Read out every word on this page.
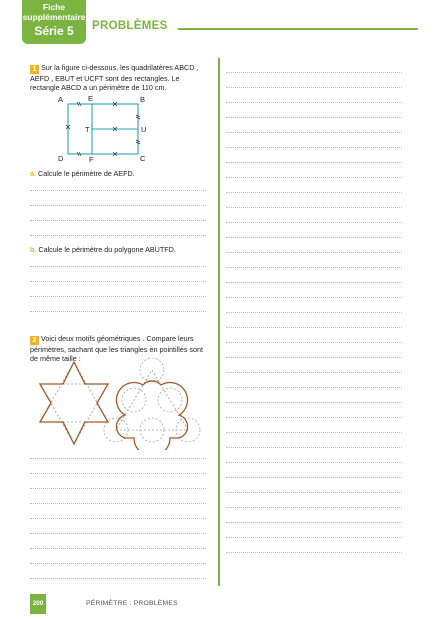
Fiche
supplémentaire
Série 5	PROBLÈMES
1 Sur la figure ci-dessous, les quadrilatères ABCD , AEFD , EBUT et UCFT sont des rectangles. Le rectangle ABCD a un périmètre de 110 cm.
A	E	B
T	U
D	F	C
a. Calcule le périmètre de AEFD.
b. Calcule le périmètre du polygone ABUTFD.
2 Voici deux motifs géométriques . Compare leurs périmètres, sachant que les triangles en pointillés sont de même taille :
200	PÉRIMÈTRE : PROBLÈMES
